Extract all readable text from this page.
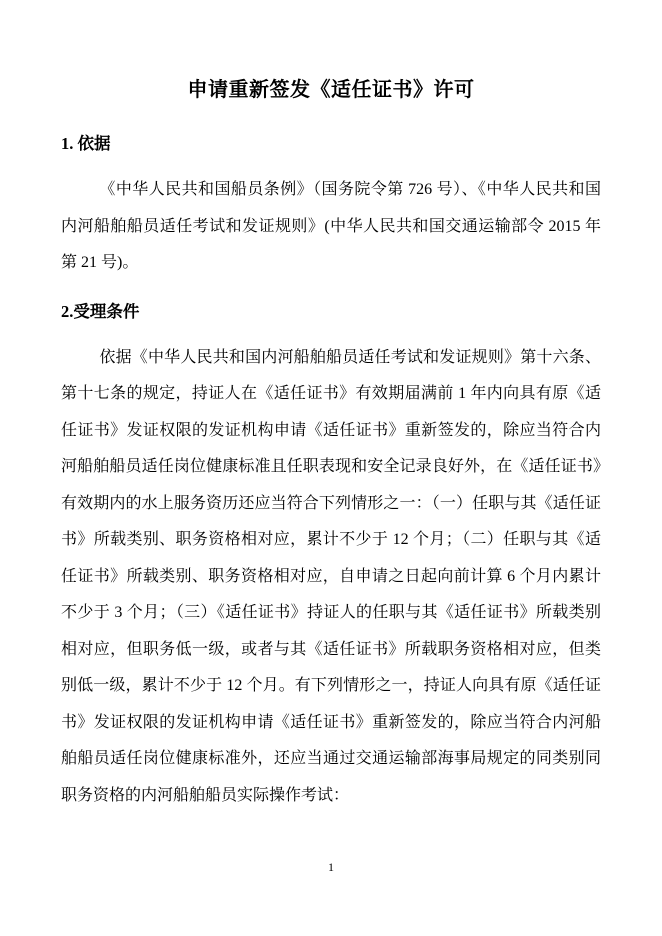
申请重新签发《适任证书》许可
1. 依据

《中华人民共和国船员条例》（国务院令第 726 号）、《中华人民共和国内河船舶船员适任考试和发证规则》(中华人民共和国交通运输部令 2015 年第 21 号)。

2.受理条件

依据《中华人民共和国内河船舶船员适任考试和发证规则》第十六条、第十七条的规定，持证人在《适任证书》有效期届满前 1 年内向具有原《适任证书》发证权限的发证机构申请《适任证书》重新签发的，除应当符合内河船舶船员适任岗位健康标准且任职表现和安全记录良好外，在《适任证书》有效期内的水上服务资历还应当符合下列情形之一：（一）任职与其《适任证书》所载类别、职务资格相对应，累计不少于 12 个月；（二）任职与其《适任证书》所载类别、职务资格相对应，自申请之日起向前计算 6 个月内累计不少于 3 个月；（三）《适任证书》持证人的任职与其《适任证书》所载类别相对应，但职务低一级，或者与其《适任证书》所载职务资格相对应，但类别低一级，累计不少于 12 个月。有下列情形之一，持证人向具有原《适任证书》发证权限的发证机构申请《适任证书》重新签发的，除应当符合内河船舶船员适任岗位健康标准外，还应当通过交通运输部海事局规定的同类别同职务资格的内河船舶船员实际操作考试：

1
